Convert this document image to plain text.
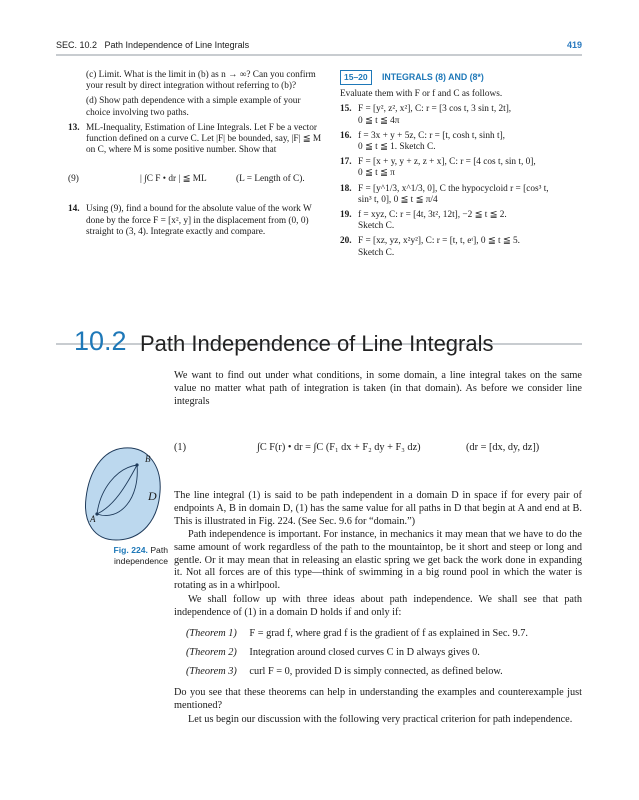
SEC. 10.2 Path Independence of Line Integrals	419

(c) Limit. What is the limit in (b) as n → ∞? Can you confirm your result by direct integration without referring to (b)?

(d) Show path dependence with a simple example of your choice involving two paths.

13. ML-Inequality, Estimation of Line Integrals. Let F be a vector function defined on a curve C. Let |F| be bounded, say, |F| ≦ M on C, where M is some positive number. Show that
(9)	| ∫C F • dr | ≦ ML	(L = Length of C).
14. Using (9), find a bound for the absolute value of the work W done by the force F = [x², y] in the displacement from (0, 0) straight to (3, 4). Integrate exactly and compare.
15–20 INTEGRALS (8) AND (8*)

Evaluate them with F or f and C as follows.

15. F = [y², z², x²], C: r = [3 cos t, 3 sin t, 2t],
0 ≦ t ≦ 4π
16. f = 3x + y + 5z, C: r = [t, cosh t, sinh t],
0 ≦ t ≦ 1. Sketch C.
17. F = [x + y, y + z, z + x], C: r = [4 cos t, sin t, 0],
0 ≦ t ≦ π
18. F = [y^1/3, x^1/3, 0], C the hypocycloid r = [cos³ t,
sin³ t, 0], 0 ≦ t ≦ π/4
19. f = xyz, C: r = [4t, 3t², 12t], −2 ≦ t ≦ 2.
Sketch C.
20. F = [xz, yz, x²y²], C: r = [t, t, eᵗ], 0 ≦ t ≦ 5.
Sketch C.
10.2 Path Independence of Line Integrals
We want to find out under what conditions, in some domain, a line integral takes on the same value no matter what path of integration is taken (in that domain). As before we consider line integrals
(1)	∫C F(r) • dr = ∫C (F₁ dx + F₂ dy + F₃ dz)	(dr = [dx, dy, dz])
A
B
D
Fig. 224. Path independence
The line integral (1) is said to be path independent in a domain D in space if for every pair of endpoints A, B in domain D, (1) has the same value for all paths in D that begin at A and end at B. This is illustrated in Fig. 224. (See Sec. 9.6 for “domain.”)
Path independence is important. For instance, in mechanics it may mean that we have to do the same amount of work regardless of the path to the mountaintop, be it short and steep or long and gentle. Or it may mean that in releasing an elastic spring we get back the work done in expanding it. Not all forces are of this type—think of swimming in a big round pool in which the water is rotating as in a whirlpool.
We shall follow up with three ideas about path independence. We shall see that path independence of (1) in a domain D holds if and only if:
(Theorem 1) F = grad f, where grad f is the gradient of f as explained in Sec. 9.7.
(Theorem 2) Integration around closed curves C in D always gives 0.
(Theorem 3) curl F = 0, provided D is simply connected, as defined below.
Do you see that these theorems can help in understanding the examples and counterexample just mentioned?
Let us begin our discussion with the following very practical criterion for path independence.
